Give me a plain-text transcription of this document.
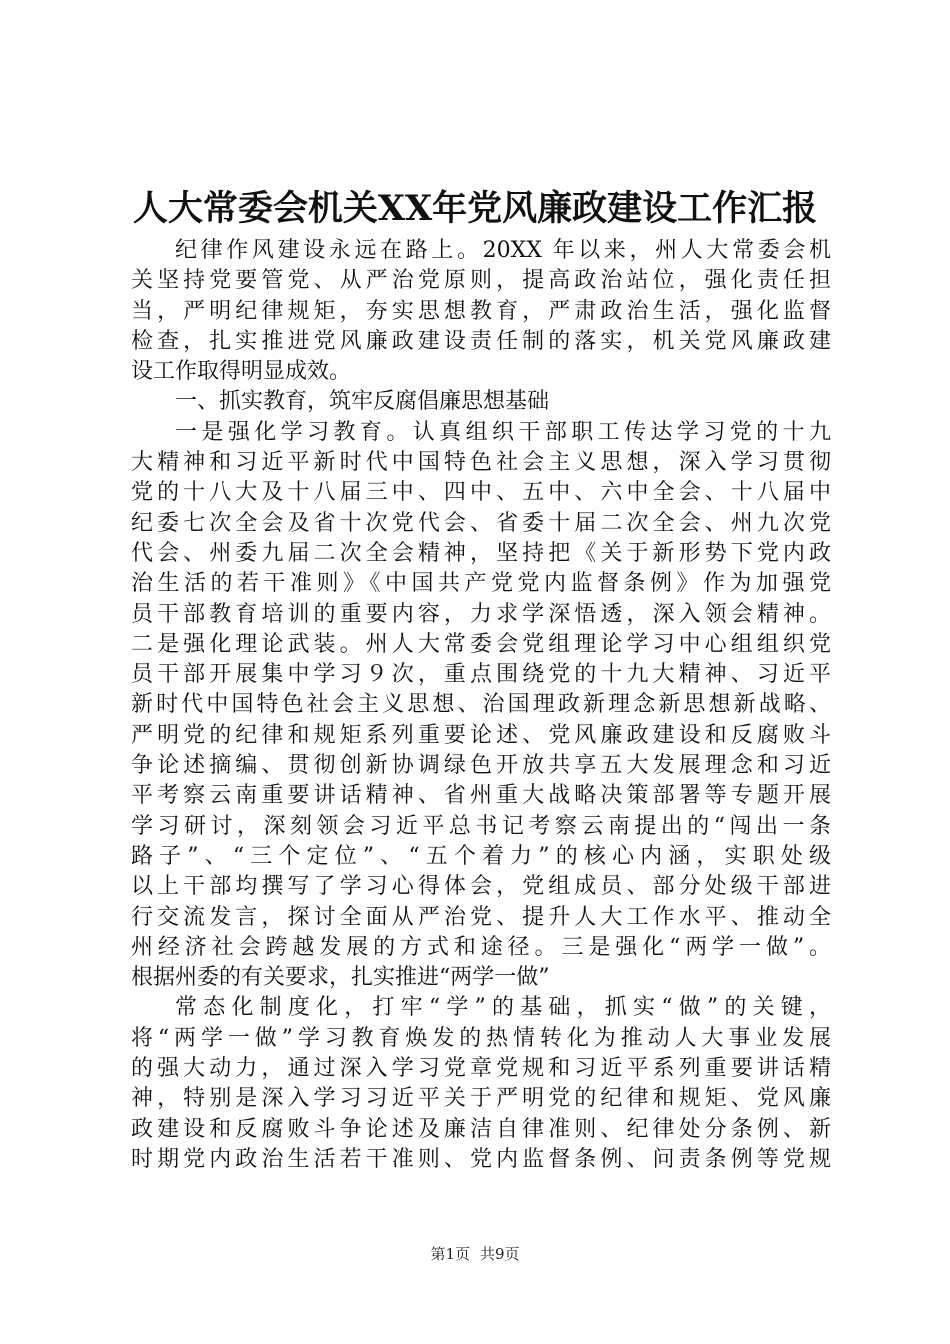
人大常委会机关XX年党风廉政建设工作汇报
纪律作风建设永远在路上。20XX 年以来，州人大常委会机
关坚持党要管党、从严治党原则，提高政治站位，强化责任担
当，严明纪律规矩，夯实思想教育，严肃政治生活，强化监督
检查，扎实推进党风廉政建设责任制的落实，机关党风廉政建
设工作取得明显成效。
一、抓实教育，筑牢反腐倡廉思想基础
一是强化学习教育。认真组织干部职工传达学习党的十九
大精神和习近平新时代中国特色社会主义思想，深入学习贯彻
党的十八大及十八届三中、四中、五中、六中全会、十八届中
纪委七次全会及省十次党代会、省委十届二次全会、州九次党
代会、州委九届二次全会精神，坚持把《关于新形势下党内政
治生活的若干准则》《中国共产党党内监督条例》作为加强党
员干部教育培训的重要内容，力求学深悟透，深入领会精神。
二是强化理论武装。州人大常委会党组理论学习中心组组织党
员干部开展集中学习９次，重点围绕党的十九大精神、习近平
新时代中国特色社会主义思想、治国理政新理念新思想新战略、
严明党的纪律和规矩系列重要论述、党风廉政建设和反腐败斗
争论述摘编、贯彻创新协调绿色开放共享五大发展理念和习近
平考察云南重要讲话精神、省州重大战略决策部署等专题开展
学习研讨，深刻领会习近平总书记考察云南提出的“闯出一条
路子”、“三个定位”、“五个着力”的核心内涵，实职处级
以上干部均撰写了学习心得体会，党组成员、部分处级干部进
行交流发言，探讨全面从严治党、提升人大工作水平、推动全
州经济社会跨越发展的方式和途径。三是强化“两学一做”。
根据州委的有关要求，扎实推进“两学一做”
常态化制度化，打牢“学”的基础，抓实“做”的关键，
将“两学一做”学习教育焕发的热情转化为推动人大事业发展
的强大动力，通过深入学习党章党规和习近平系列重要讲话精
神，特别是深入学习习近平关于严明党的纪律和规矩、党风廉
政建设和反腐败斗争论述及廉洁自律准则、纪律处分条例、新
时期党内政治生活若干准则、党内监督条例、问责条例等党规
第1页 共9页
